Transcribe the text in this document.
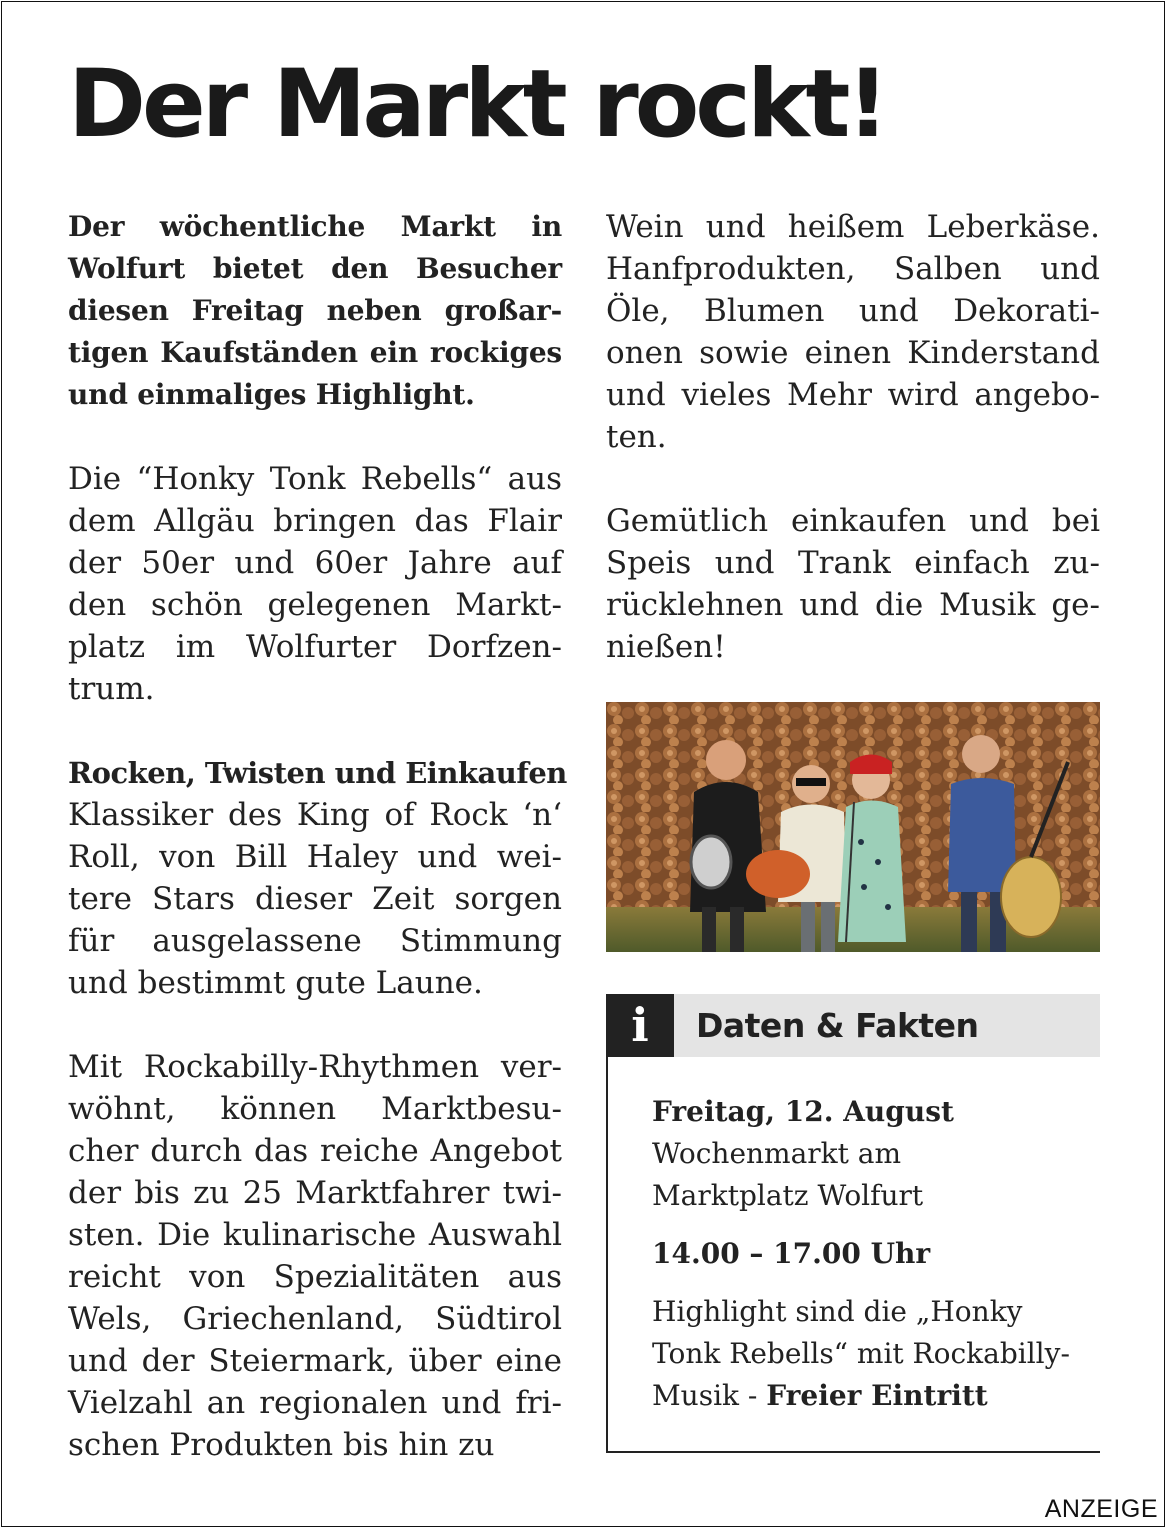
Der Markt rockt!

Der wöchentliche Markt in Wolfurt bietet den Besucher diesen Freitag neben großar- tigen Kaufständen ein rockiges und einmaliges Highlight.

Die “Honky Tonk Rebells“ aus dem Allgäu bringen das Flair der 50er und 60er Jahre auf den schön gelegenen Markt- platz im Wolfurter Dorfzen- trum.

Rocken, Twisten und Einkaufen

Klassiker des King of Rock ‘n‘ Roll, von Bill Haley und wei- tere Stars dieser Zeit sorgen für ausgelassene Stimmung und bestimmt gute Laune.

Mit Rockabilly-Rhythmen ver- wöhnt, können Marktbesu- cher durch das reiche Angebot der bis zu 25 Marktfahrer twi- sten. Die kulinarische Auswahl reicht von Spezialitäten aus Wels, Griechenland, Südtirol und der Steiermark, über eine Vielzahl an regionalen und fri- schen Produkten bis hin zu

Wein und heißem Leberkäse. Hanfprodukten, Salben und Öle, Blumen und Dekorati- onen sowie einen Kinderstand und vieles Mehr wird angebo- ten.

Gemütlich einkaufen und bei Speis und Trank einfach zu- rücklehnen und die Musik ge- nießen!

i	Daten & Fakten

Freitag, 12. August

Wochenmarkt am
Marktplatz Wolfurt

14.00 – 17.00 Uhr

Highlight sind die „Honky
Tonk Rebells“ mit Rockabilly-
Musik - Freier Eintritt

ANZEIGE
